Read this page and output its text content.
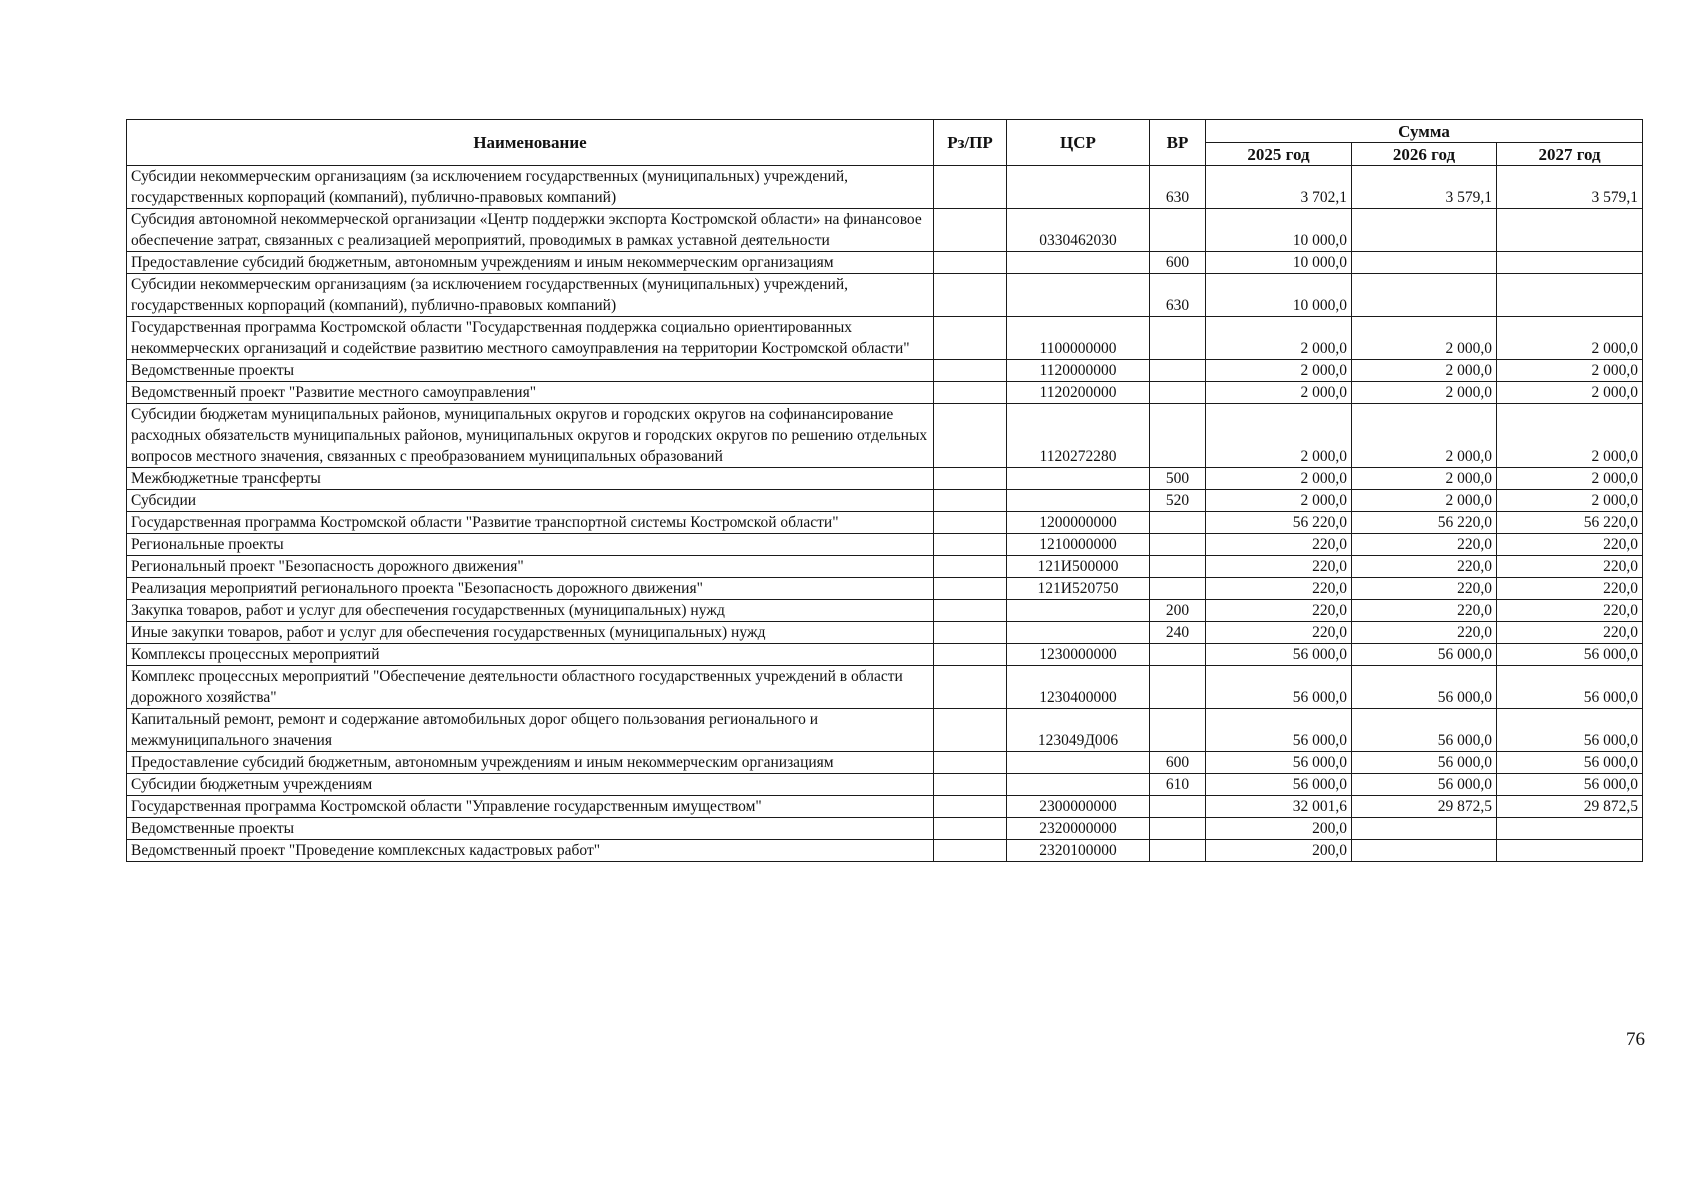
Наименование	Рз/ПР	ЦСР	ВР	Сумма		
				2025 год	2026 год	2027 год
Субсидии некоммерческим организациям (за исключением государственных (муниципальных) учреждений, государственных корпораций (компаний), публично-правовых компаний)			630	3 702,1	3 579,1	3 579,1
Субсидия автономной некоммерческой организации «Центр поддержки экспорта Костромской области» на финансовое обеспечение затрат, связанных с реализацией мероприятий, проводимых в рамках уставной деятельности		0330462030		10 000,0		
Предоставление субсидий бюджетным, автономным учреждениям и иным некоммерческим организациям			600	10 000,0		
Субсидии некоммерческим организациям (за исключением государственных (муниципальных) учреждений, государственных корпораций (компаний), публично-правовых компаний)			630	10 000,0		
Государственная программа Костромской области "Государственная поддержка социально ориентированных некоммерческих организаций и содействие развитию местного самоуправления на территории Костромской области"		1100000000		2 000,0	2 000,0	2 000,0
Ведомственные проекты		1120000000		2 000,0	2 000,0	2 000,0
Ведомственный проект "Развитие местного самоуправления"		1120200000		2 000,0	2 000,0	2 000,0
Субсидии бюджетам муниципальных районов, муниципальных округов и городских округов на софинансирование расходных обязательств муниципальных районов, муниципальных округов и городских округов по решению отдельных вопросов местного значения, связанных с преобразованием муниципальных образований		1120272280		2 000,0	2 000,0	2 000,0
Межбюджетные трансферты			500	2 000,0	2 000,0	2 000,0
Субсидии			520	2 000,0	2 000,0	2 000,0
Государственная программа Костромской области "Развитие транспортной системы Костромской области"		1200000000		56 220,0	56 220,0	56 220,0
Региональные проекты		1210000000		220,0	220,0	220,0
Региональный проект "Безопасность дорожного движения"		121И500000		220,0	220,0	220,0
Реализация мероприятий регионального проекта "Безопасность дорожного движения"		121И520750		220,0	220,0	220,0
Закупка товаров, работ и услуг для обеспечения государственных (муниципальных) нужд			200	220,0	220,0	220,0
Иные закупки товаров, работ и услуг для обеспечения государственных (муниципальных) нужд			240	220,0	220,0	220,0
Комплексы процессных мероприятий		1230000000		56 000,0	56 000,0	56 000,0
Комплекс процессных мероприятий "Обеспечение деятельности областного государственных учреждений в области дорожного хозяйства"		1230400000		56 000,0	56 000,0	56 000,0
Капитальный ремонт, ремонт и содержание автомобильных дорог общего пользования регионального и межмуниципального значения		123049Д006		56 000,0	56 000,0	56 000,0
Предоставление субсидий бюджетным, автономным учреждениям и иным некоммерческим организациям			600	56 000,0	56 000,0	56 000,0
Субсидии бюджетным учреждениям			610	56 000,0	56 000,0	56 000,0
Государственная программа Костромской области "Управление государственным имуществом"		2300000000		32 001,6	29 872,5	29 872,5
Ведомственные проекты		2320000000		200,0		
Ведомственный проект "Проведение комплексных кадастровых работ"		2320100000		200,0		
76
